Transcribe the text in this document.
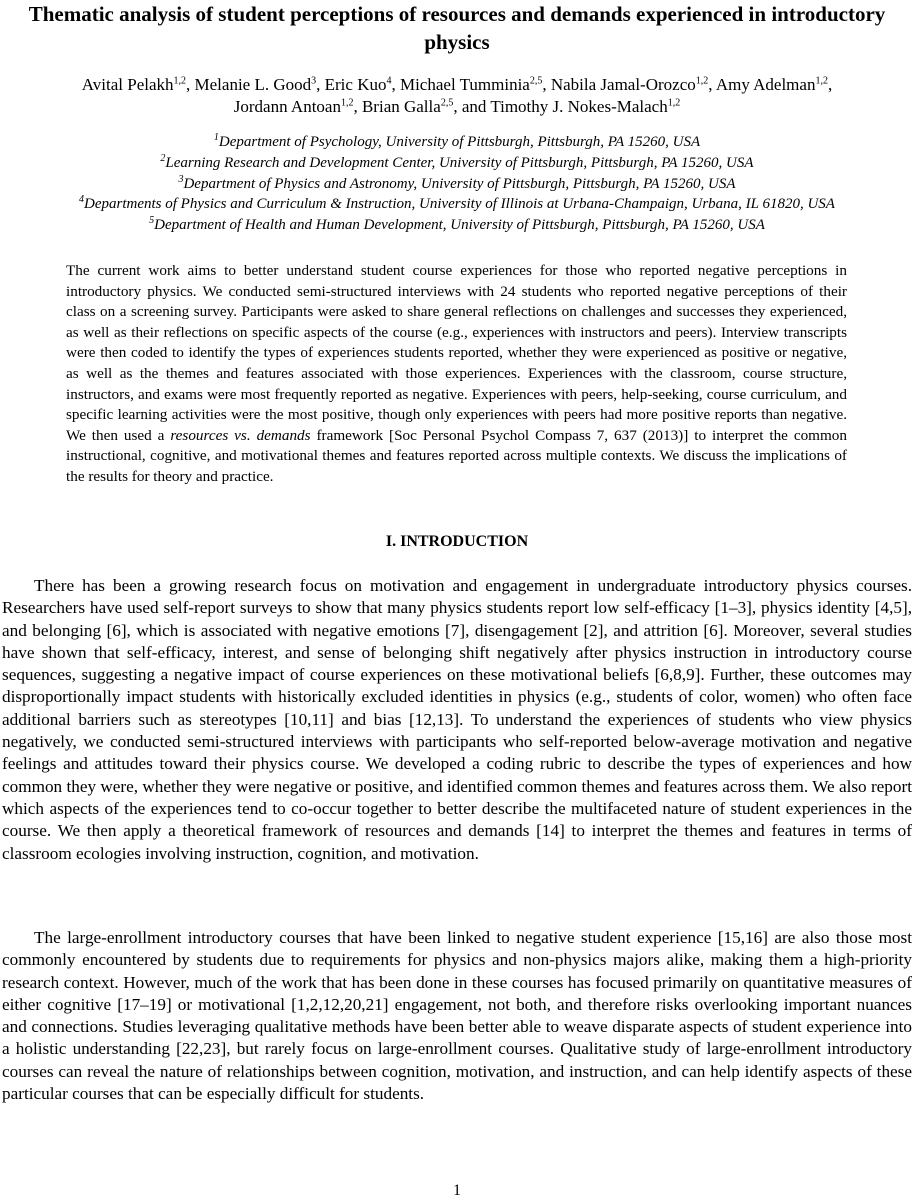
Thematic analysis of student perceptions of resources and demands experienced in introductory physics
Avital Pelakh$^{1,2}$, Melanie L. Good$^3$, Eric Kuo$^4$, Michael Tumminia$^{2,5}$, Nabila Jamal-Orozco$^{1,2}$, Amy Adelman$^{1,2}$,
Jordann Antoan$^{1,2}$, Brian Galla$^{2,5}$, and Timothy J. Nokes-Malach$^{1,2}$
$^1$Department of Psychology, University of Pittsburgh, Pittsburgh, PA 15260, USA
$^2$Learning Research and Development Center, University of Pittsburgh, Pittsburgh, PA 15260, USA
$^3$Department of Physics and Astronomy, University of Pittsburgh, Pittsburgh, PA 15260, USA
$^4$Departments of Physics and Curriculum & Instruction, University of Illinois at Urbana-Champaign, Urbana, IL 61820, USA
$^5$Department of Health and Human Development, University of Pittsburgh, Pittsburgh, PA 15260, USA

The current work aims to better understand student course experiences for those who reported negative perceptions in introductory physics. We conducted semi-structured interviews with 24 students who reported negative perceptions of their class on a screening survey. Participants were asked to share general reflections on challenges and successes they experienced, as well as their reflections on specific aspects of the course (e.g., experiences with instructors and peers). Interview transcripts were then coded to identify the types of experiences students reported, whether they were experienced as positive or negative, as well as the themes and features associated with those experiences. Experiences with the classroom, course structure, instructors, and exams were most frequently reported as negative. Experiences with peers, help-seeking, course curriculum, and specific learning activities were the most positive, though only experiences with peers had more positive reports than negative. We then used a resources vs. demands framework [Soc Personal Psychol Compass 7, 637 (2013)] to interpret the common instructional, cognitive, and motivational themes and features reported across multiple contexts. We discuss the implications of the results for theory and practice.

I. INTRODUCTION

There has been a growing research focus on motivation and engagement in undergraduate introductory physics courses. Researchers have used self-report surveys to show that many physics students report low self-efficacy [1–3], physics identity [4,5], and belonging [6], which is associated with negative emotions [7], disengagement [2], and attrition [6]. Moreover, several studies have shown that self-efficacy, interest, and sense of belonging shift negatively after physics instruction in introductory course sequences, suggesting a negative impact of course experiences on these motivational beliefs [6,8,9]. Further, these outcomes may disproportionally impact students with historically excluded identities in physics (e.g., students of color, women) who often face additional barriers such as stereotypes [10,11] and bias [12,13]. To understand the experiences of students who view physics negatively, we conducted semi-structured interviews with participants who self-reported below-average motivation and negative feelings and attitudes toward their physics course. We developed a coding rubric to describe the types of experiences and how common they were, whether they were negative or positive, and identified common themes and features across them. We also report which aspects of the experiences tend to co-occur together to better describe the multifaceted nature of student experiences in the course. We then apply a theoretical framework of resources and demands [14] to interpret the themes and features in terms of classroom ecologies involving instruction, cognition, and motivation.

The large-enrollment introductory courses that have been linked to negative student experience [15,16] are also those most commonly encountered by students due to requirements for physics and non-physics majors alike, making them a high-priority research context. However, much of the work that has been done in these courses has focused primarily on quantitative measures of either cognitive [17–19] or motivational [1,2,12,20,21] engagement, not both, and therefore risks overlooking important nuances and connections. Studies leveraging qualitative methods have been better able to weave disparate aspects of student experience into a holistic understanding [22,23], but rarely focus on large-enrollment courses. Qualitative study of large-enrollment introductory courses can reveal the nature of relationships between cognition, motivation, and instruction, and can help identify aspects of these particular courses that can be especially difficult for students.

1
